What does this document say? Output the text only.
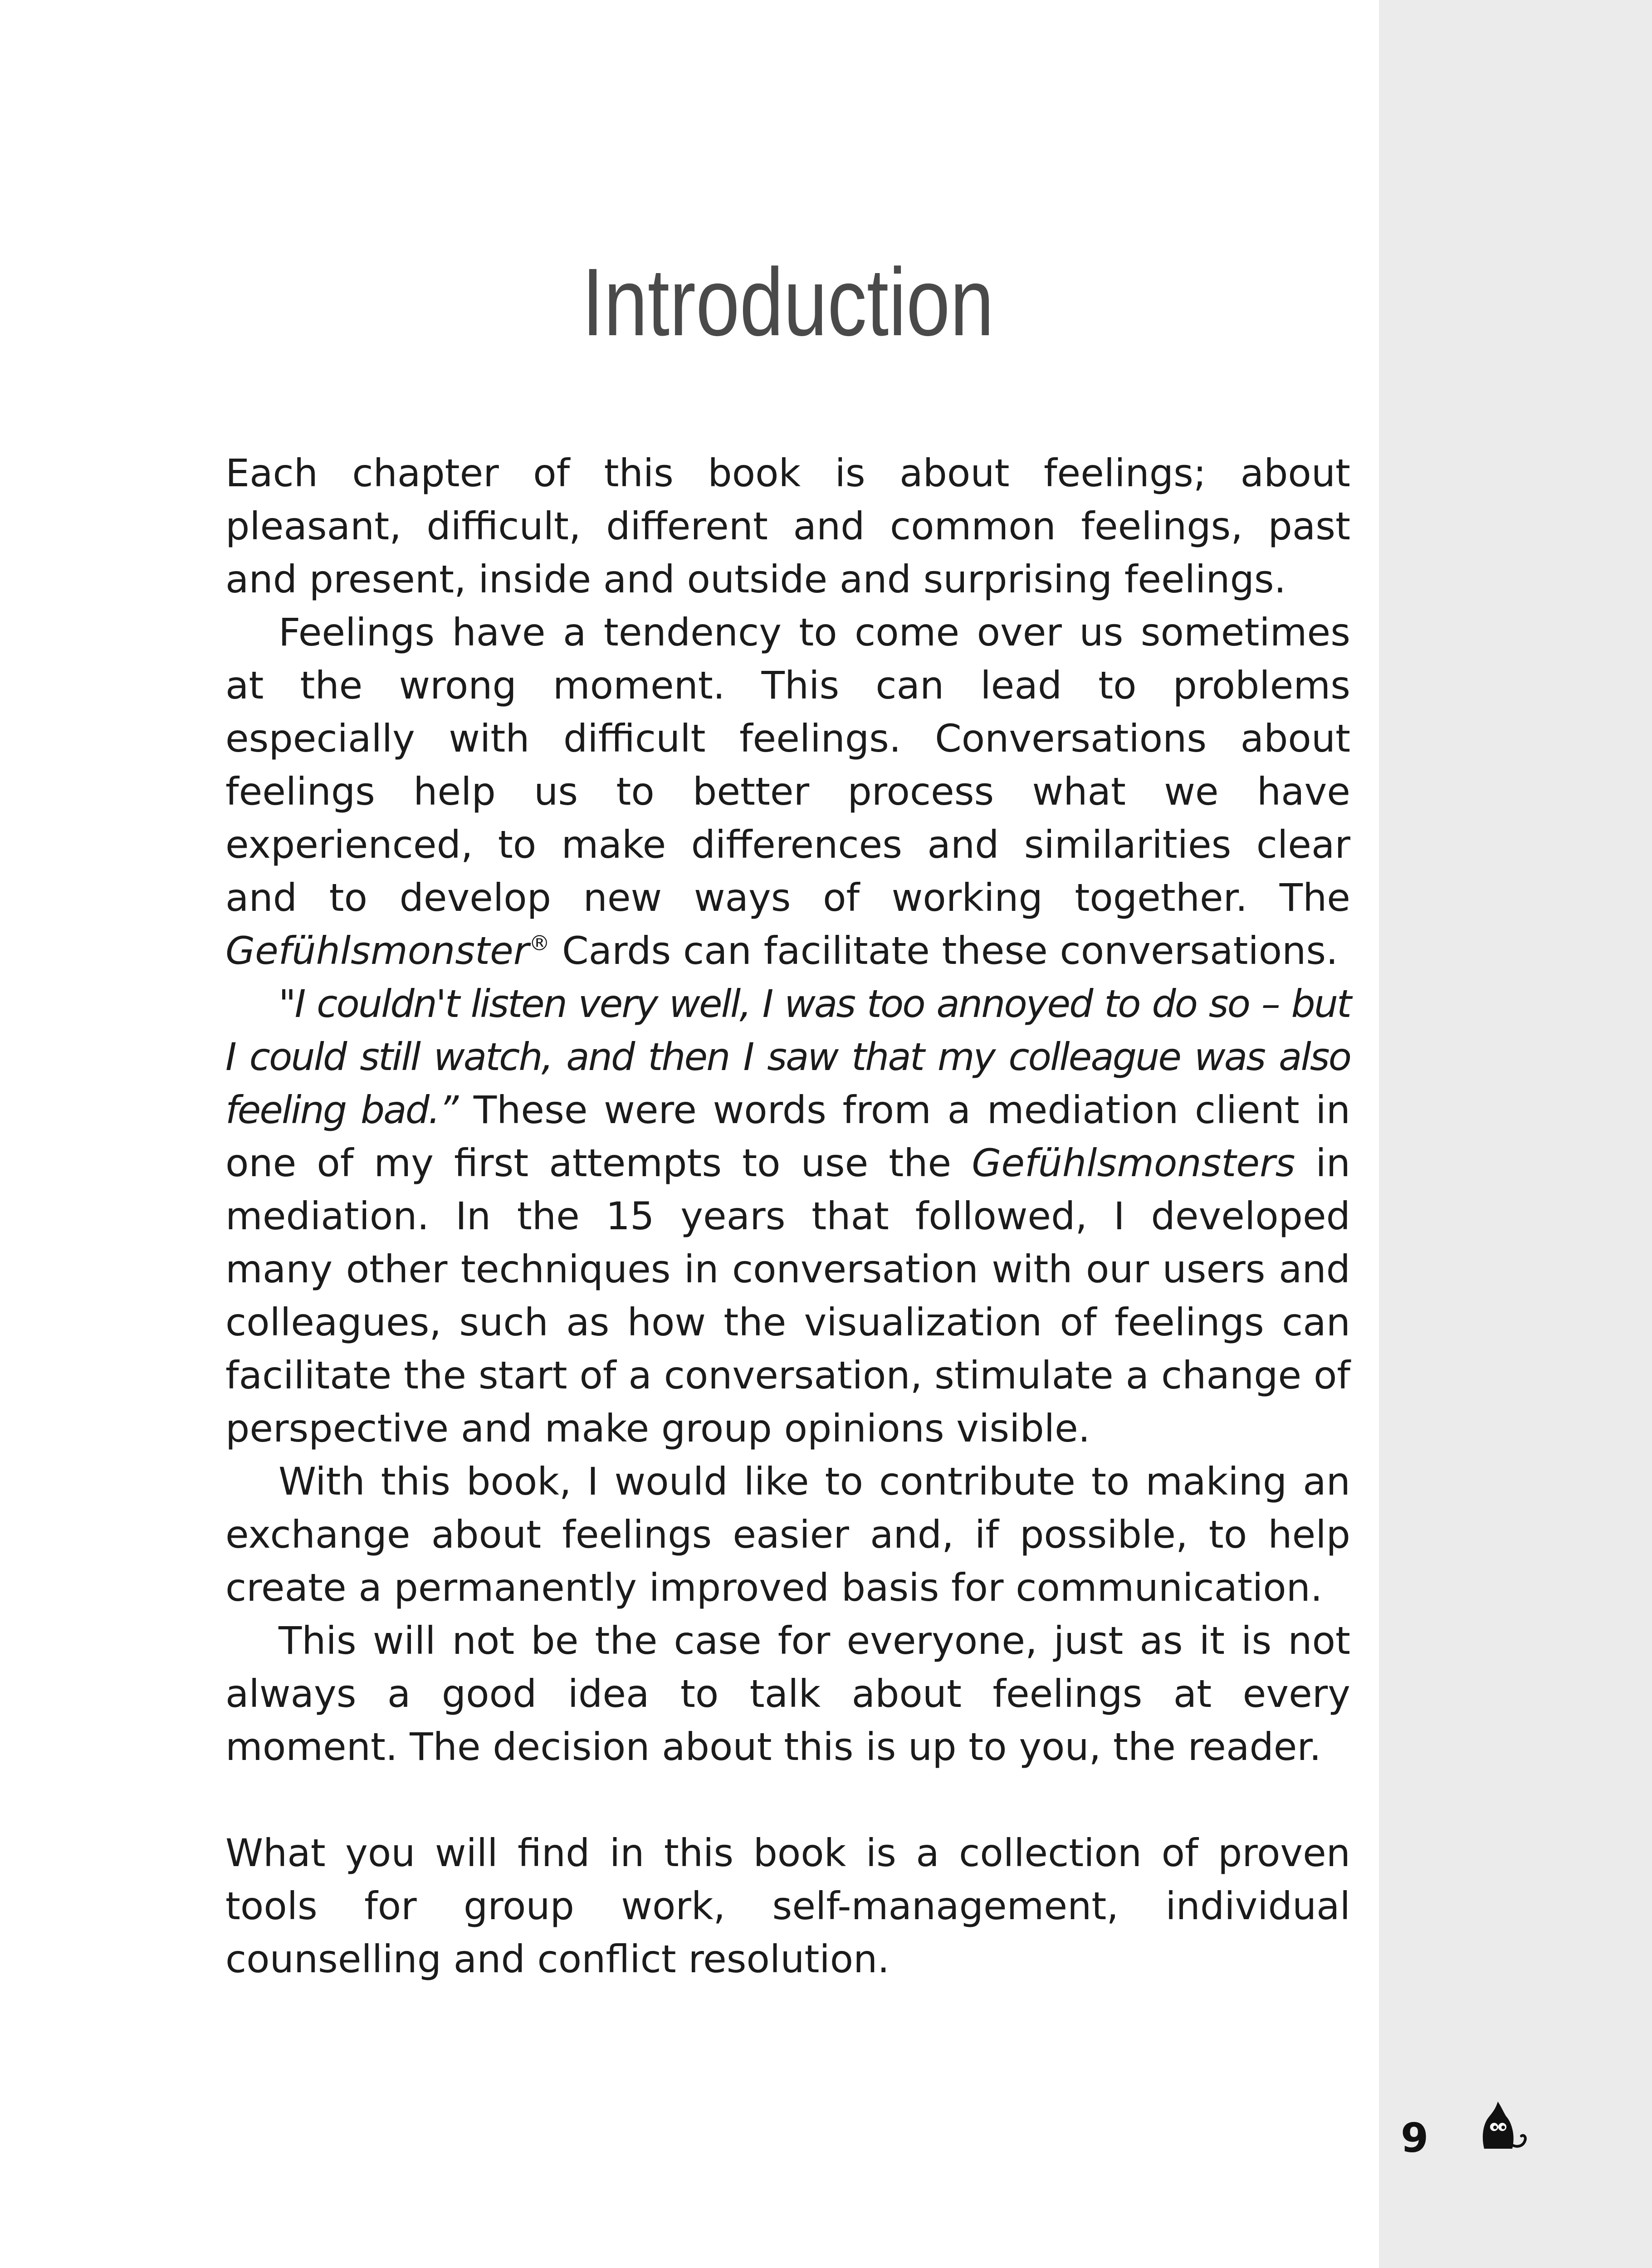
Introduction

Each chapter of this book is about feelings; about pleasant, difficult, different and common feelings, past and present, inside and outside and surprising feelings.

Feelings have a tendency to come over us sometimes at the wrong moment. This can lead to problems especially with difficult feelings. Conversations about feelings help us to better process what we have experienced, to make differences and similarities clear and to develop new ways of working together. The Gefühlsmonster® Cards can facilitate these conversations.

"I couldn't listen very well, I was too annoyed to do so – but I could still watch, and then I saw that my colleague was also feeling bad.” These were words from a mediation client in one of my first attempts to use the Gefühlsmonsters in mediation. In the 15 years that followed, I developed many other techniques in conversation with our users and colleagues, such as how the visualization of feelings can facilitate the start of a conversation, stimulate a change of perspective and make group opinions visible.

With this book, I would like to contribute to making an exchange about feelings easier and, if possible, to help create a permanently improved basis for communication.

This will not be the case for everyone, just as it is not always a good idea to talk about feelings at every moment. The decision about this is up to you, the reader.

What you will find in this book is a collection of proven tools for group work, self-management, individual counselling and conflict resolution.

9
